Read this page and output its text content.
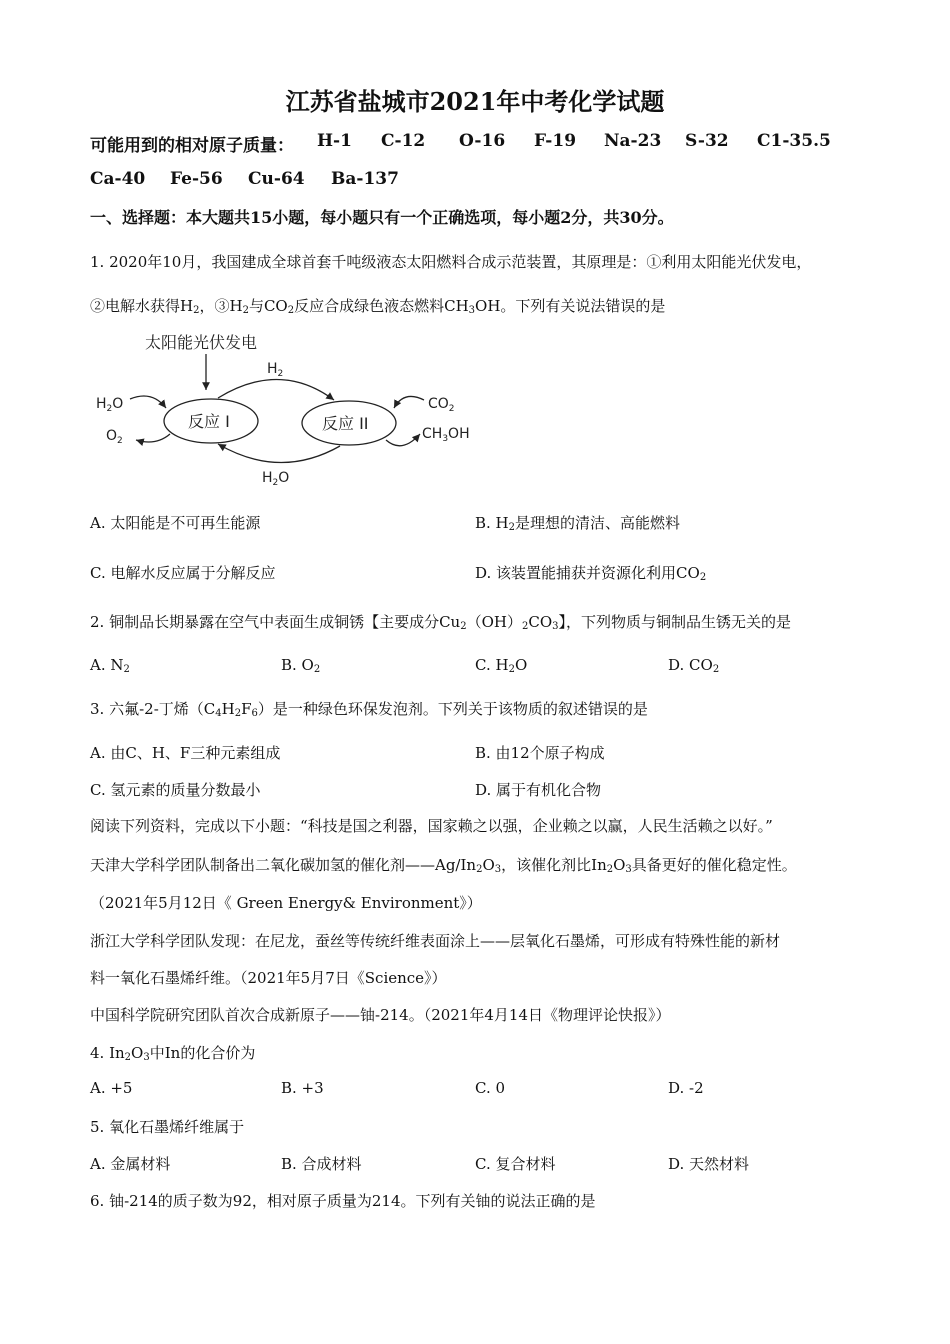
江苏省盐城市2021年中考化学试题
可能用到的相对原子质量： H-1 C-12 O-16 F-19 Na-23 S-32 C1-35.5
Ca-40 Fe-56 Cu-64 Ba-137
一、选择题：本大题共15小题，每小题只有一个正确选项，每小题2分，共30分。
1. 2020年10月，我国建成全球首套千吨级液态太阳燃料合成示范装置，其原理是：①利用太阳能光伏发电，
②电解水获得$H_2$，$③H_2$与$CO_2$反应合成绿色液态燃料$CH_3OH$。下列有关说法错误的是
太阳能光伏发电
反应 I	反应 II
$H_2$
$H_2O$
$H_2O$
$O_2$
$CO_2$
$CH_3OH$
A. 太阳能是不可再生能源	B. $H_2$是理想的清洁、高能燃料
C. 电解水反应属于分解反应	D. 该装置能捕获并资源化利用$CO_2$
2. 铜制品长期暴露在空气中表面生成铜锈【主要成分$Cu_2(OH)_2CO_3$】，下列物质与铜制品生锈无关的是
A. $N_2$	B. $O_2$	C. $H_2O$	D. $CO_2$
3. 六氟-2-丁烯$(C_4H_2F_6)$是一种绿色环保发泡剂。下列关于该物质的叙述错误的是
A. 由C、H、F三种元素组成	B. 由12个原子构成
C. 氢元素的质量分数最小	D. 属于有机化合物
阅读下列资料，完成以下小题：“科技是国之利器，国家赖之以强，企业赖之以赢，人民生活赖之以好。”
天津大学科学团队制备出二氧化碳加氢的催化剂$——Ag/In_2O_3$，该催化剂比$In_2O_3$具备更好的催化稳定性。
（2021年5月12日《 Green Energy& Environment》）
浙江大学科学团队发现：在尼龙，蚕丝等传统纤维表面涂上——层氧化石墨烯，可形成有特殊性能的新材
料一氧化石墨烯纤维。（2021年5月7日《Science》）
中国科学院研究团队首次合成新原子——铀-214。（2021年4月14日《物理评论快报》）
4. $In_2O_3$中In的化合价为
A. +5	B. +3	C. 0	D. -2
5. 氧化石墨烯纤维属于
A. 金属材料	B. 合成材料	C. 复合材料	D. 天然材料
6. 铀-214的质子数为92，相对原子质量为214。下列有关铀的说法正确的是
